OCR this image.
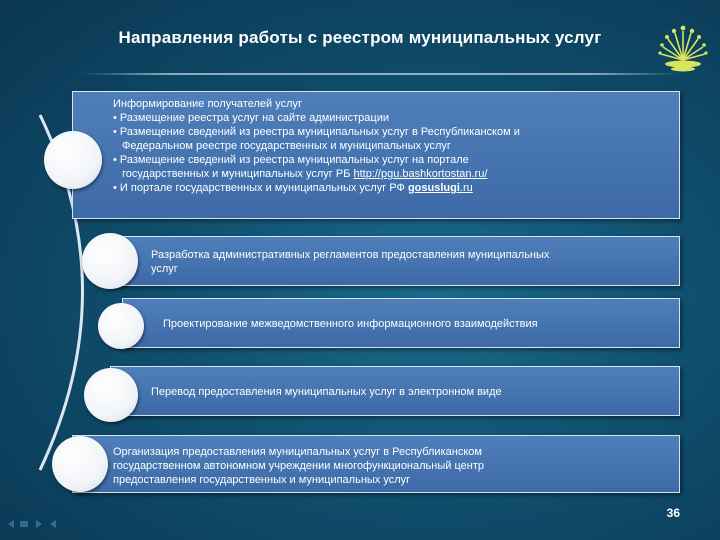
Направления работы с реестром муниципальных услуг
Информирование получателей услуг
• Размещение реестра услуг на сайте администрации
• Размещение сведений из реестра муниципальных услуг в Республиканском и
Федеральном реестре государственных и муниципальных услуг
• Размещение сведений из реестра муниципальных услуг на портале
государственных и муниципальных услуг РБ http://pgu.bashkortostan.ru/
• И портале государственных и муниципальных услуг РФ gosuslugi.ru
Разработка административных регламентов предоставления муниципальных
услуг
Проектирование межведомственного информационного взаимодействия
Перевод предоставления муниципальных услуг в электронном виде
Организация предоставления муниципальных услуг в Республиканском
государственном автономном учреждении многофункциональный центр
предоставления государственных и муниципальных услуг
36
